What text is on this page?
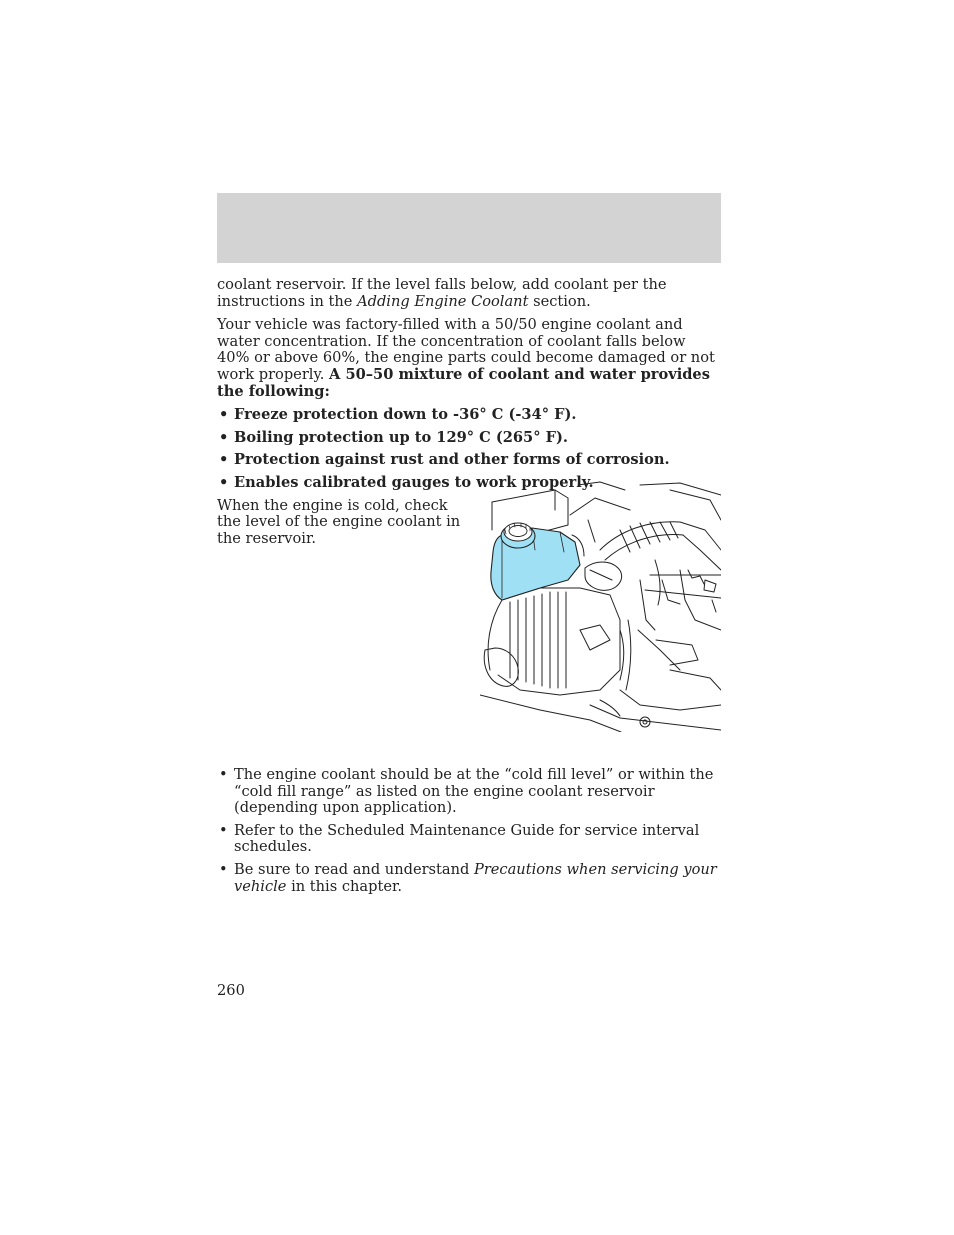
coolant reservoir. If the level falls below, add coolant per the instructions in the Adding Engine Coolant section.

Your vehicle was factory-filled with a 50/50 engine coolant and water concentration. If the concentration of coolant falls below 40% or above 60%, the engine parts could become damaged or not work properly. A 50–50 mixture of coolant and water provides the following:

• Freeze protection down to -36° C (-34° F).
• Boiling protection up to 129° C (265° F).
• Protection against rust and other forms of corrosion.
• Enables calibrated gauges to work properly.

When the engine is cold, check the level of the engine coolant in the reservoir.

• The engine coolant should be at the “cold fill level” or within the “cold fill range” as listed on the engine coolant reservoir (depending upon application).
• Refer to the Scheduled Maintenance Guide for service interval schedules.
• Be sure to read and understand Precautions when servicing your vehicle in this chapter.
260
